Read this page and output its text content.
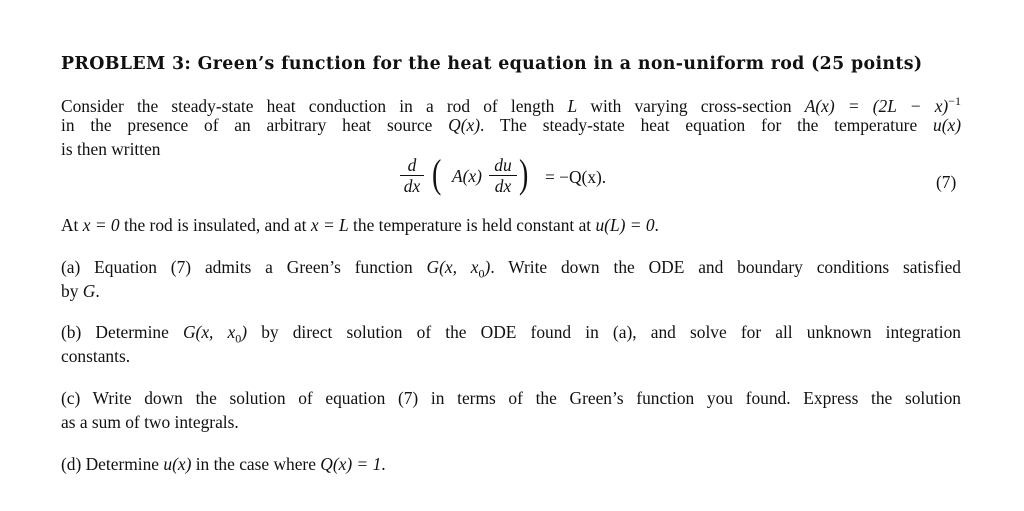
PROBLEM 3: Green’s function for the heat equation in a non-uniform rod (25 points)
Consider the steady-state heat conduction in a rod of length L with varying cross-section $A(x) = (2L - x)^{-1}$
in the presence of an arbitrary heat source Q(x). The steady-state heat equation for the temperature u(x)
is then written
d
dx ( A(x)
du
dx ) = −Q(x).	(7)
At x = 0 the rod is insulated, and at x = L the temperature is held constant at u(L) = 0.
(a) Equation (7) admits a Green’s function G(x, $x_0$). Write down the ODE and boundary conditions satisfied
by G.
(b) Determine G(x, $x_0$) by direct solution of the ODE found in (a), and solve for all unknown integration
constants.
(c) Write down the solution of equation (7) in terms of the Green’s function you found. Express the solution
as a sum of two integrals.
(d) Determine u(x) in the case where Q(x) = 1.
